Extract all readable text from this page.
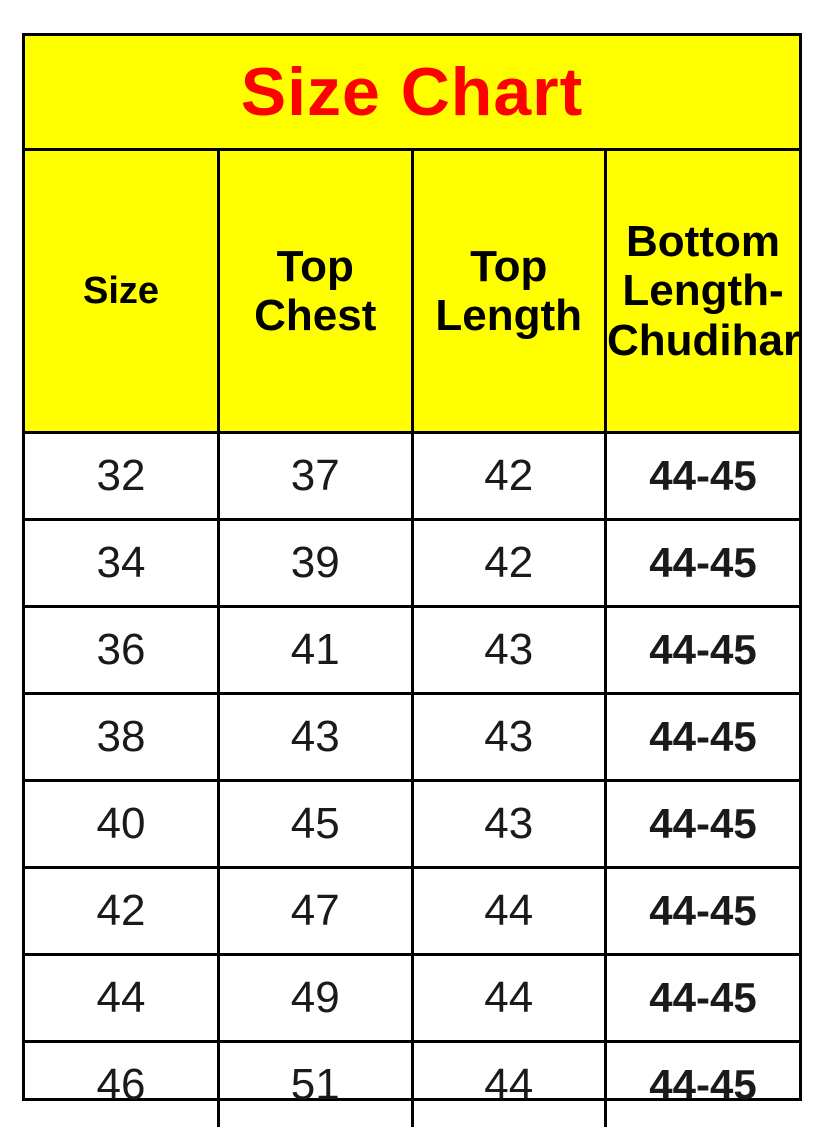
Size Chart			
Size	Top Chest	Top Length	Bottom Length-Chudihar
32	37	42	44-45
34	39	42	44-45
36	41	43	44-45
38	43	43	44-45
40	45	43	44-45
42	47	44	44-45
44	49	44	44-45
46	51	44	44-45
